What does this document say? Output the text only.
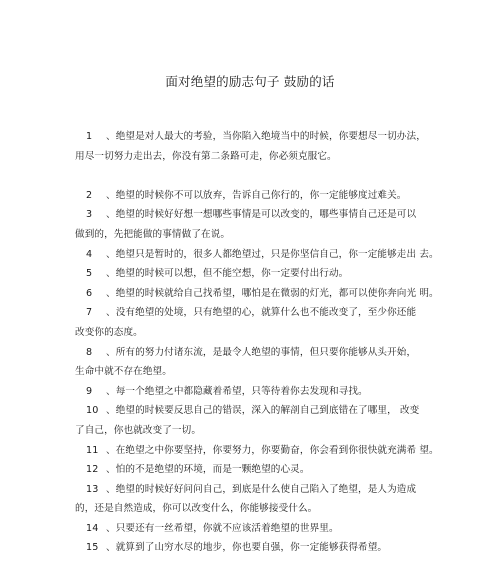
面对绝望的励志句子 鼓励的话
1 、绝望是对人最大的考验，当你陷入绝境当中的时候，你要想尽一切办法，
用尽一切努力走出去，你没有第二条路可走，你必须克服它。
2 、绝望的时候你不可以放弃，告诉自己你行的，你一定能够度过难关。
3 、绝望的时候好好想一想哪些事情是可以改变的，哪些事情自己还是可以
做到的，先把能做的事情做了在说。
4 、绝望只是暂时的，很多人都绝望过，只是你坚信自己，你一定能够走出 去。
5 、绝望的时候可以想，但不能空想，你一定要付出行动。
6 、绝望的时候就给自己找希望，哪怕是在微弱的灯光，都可以使你奔向光 明。
7 、没有绝望的处境，只有绝望的心，就算什么也不能改变了，至少你还能
改变你的态度。
8 、所有的努力付诸东流，是最令人绝望的事情，但只要你能够从头开始，
生命中就不存在绝望。
9 、每一个绝望之中都隐藏着希望，只等待着你去发现和寻找。
10 、绝望的时候要反思自己的错误，深入的解剖自己到底错在了哪里， 改变
了自己，你也就改变了一切。
11 、在绝望之中你要坚持，你要努力，你要勤奋，你会看到你很快就充满希 望。
12 、怕的不是绝望的环境，而是一颗绝望的心灵。
13 、绝望的时候好好问问自己，到底是什么使自己陷入了绝望，是人为造成
的，还是自然造成，你可以改变什么，你能够接受什么。
14 、只要还有一丝希望，你就不应该活着绝望的世界里。
15 、就算到了山穷水尽的地步，你也要自强，你一定能够获得希望。
